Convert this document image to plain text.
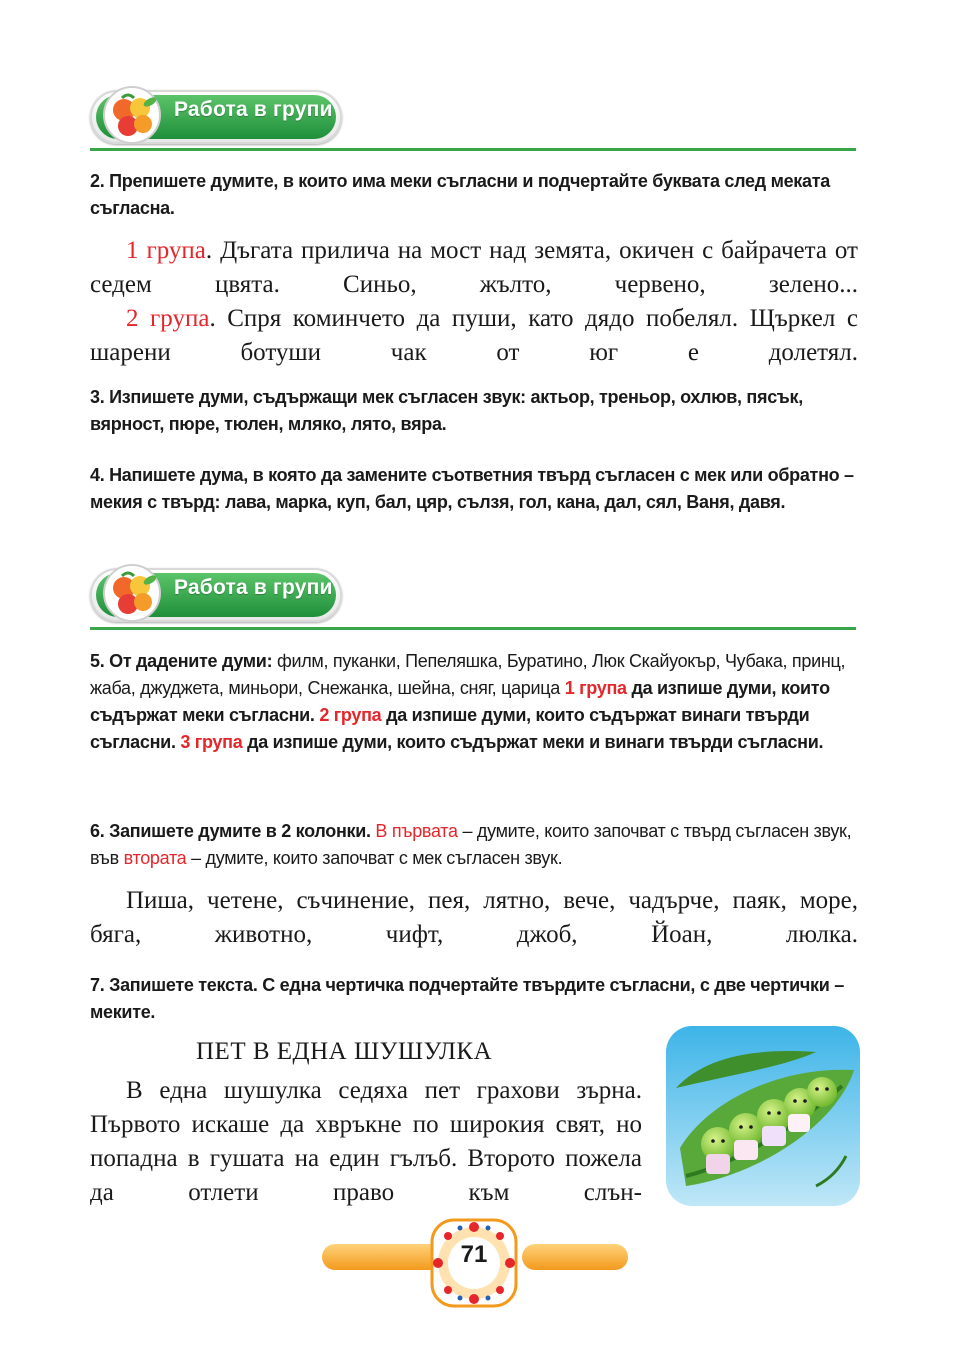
Работа в групи
2. Препишете думите, в които има меки съгласни и подчертайте буквата след меката съгласна.

1 група. Дъгата прилича на мост над земята, окичен с байрачета от седем цвята. Синьо, жълто, червено, зелено...

2 група. Спря коминчето да пуши, като дядо побелял. Щъркел с шарени ботуши чак от юг е долетял.

3. Изпишете думи, съдържащи мек съгласен звук: актьор, треньор, охлюв, пясък, вярност, пюре, тюлен, мляко, лято, вяра.
4. Напишете дума, в която да замените съответния твърд съгласен с мек или обратно – мекия с твърд: лава, марка, куп, бал, цяр, сълзя, гол, кана, дал, сял, Ваня, давя.
Работа в групи
5. От дадените думи: филм, пуканки, Пепеляшка, Буратино, Люк Скайуокър, Чубака, принц, жаба, джуджета, миньори, Снежанка, шейна, сняг, царица 1 група да изпише думи, които съдържат меки съгласни. 2 група да изпише думи, които съдържат винаги твърди съгласни. 3 група да изпише думи, които съдържат меки и винаги твърди съгласни.
6. Запишете думите в 2 колонки. В първата – думите, които започват с твърд съгласен звук, във втората – думите, които започват с мек съгласен звук.

Пиша, четене, съчинение, пея, лятно, вече, чадърче, паяк, море, бяга, животно, чифт, джоб, Йоан, люлка.

7. Запишете текста. С една чертичка подчертайте твърдите съгласни, с две чертички – меките.
ПЕТ В ЕДНА ШУШУЛКА

В една шушулка седяха пет грахови зърна. Първото искаше да хвръкне по широкия свят, но попадна в гушата на един гълъб. Второто пожела да отлети право към слън-

71
